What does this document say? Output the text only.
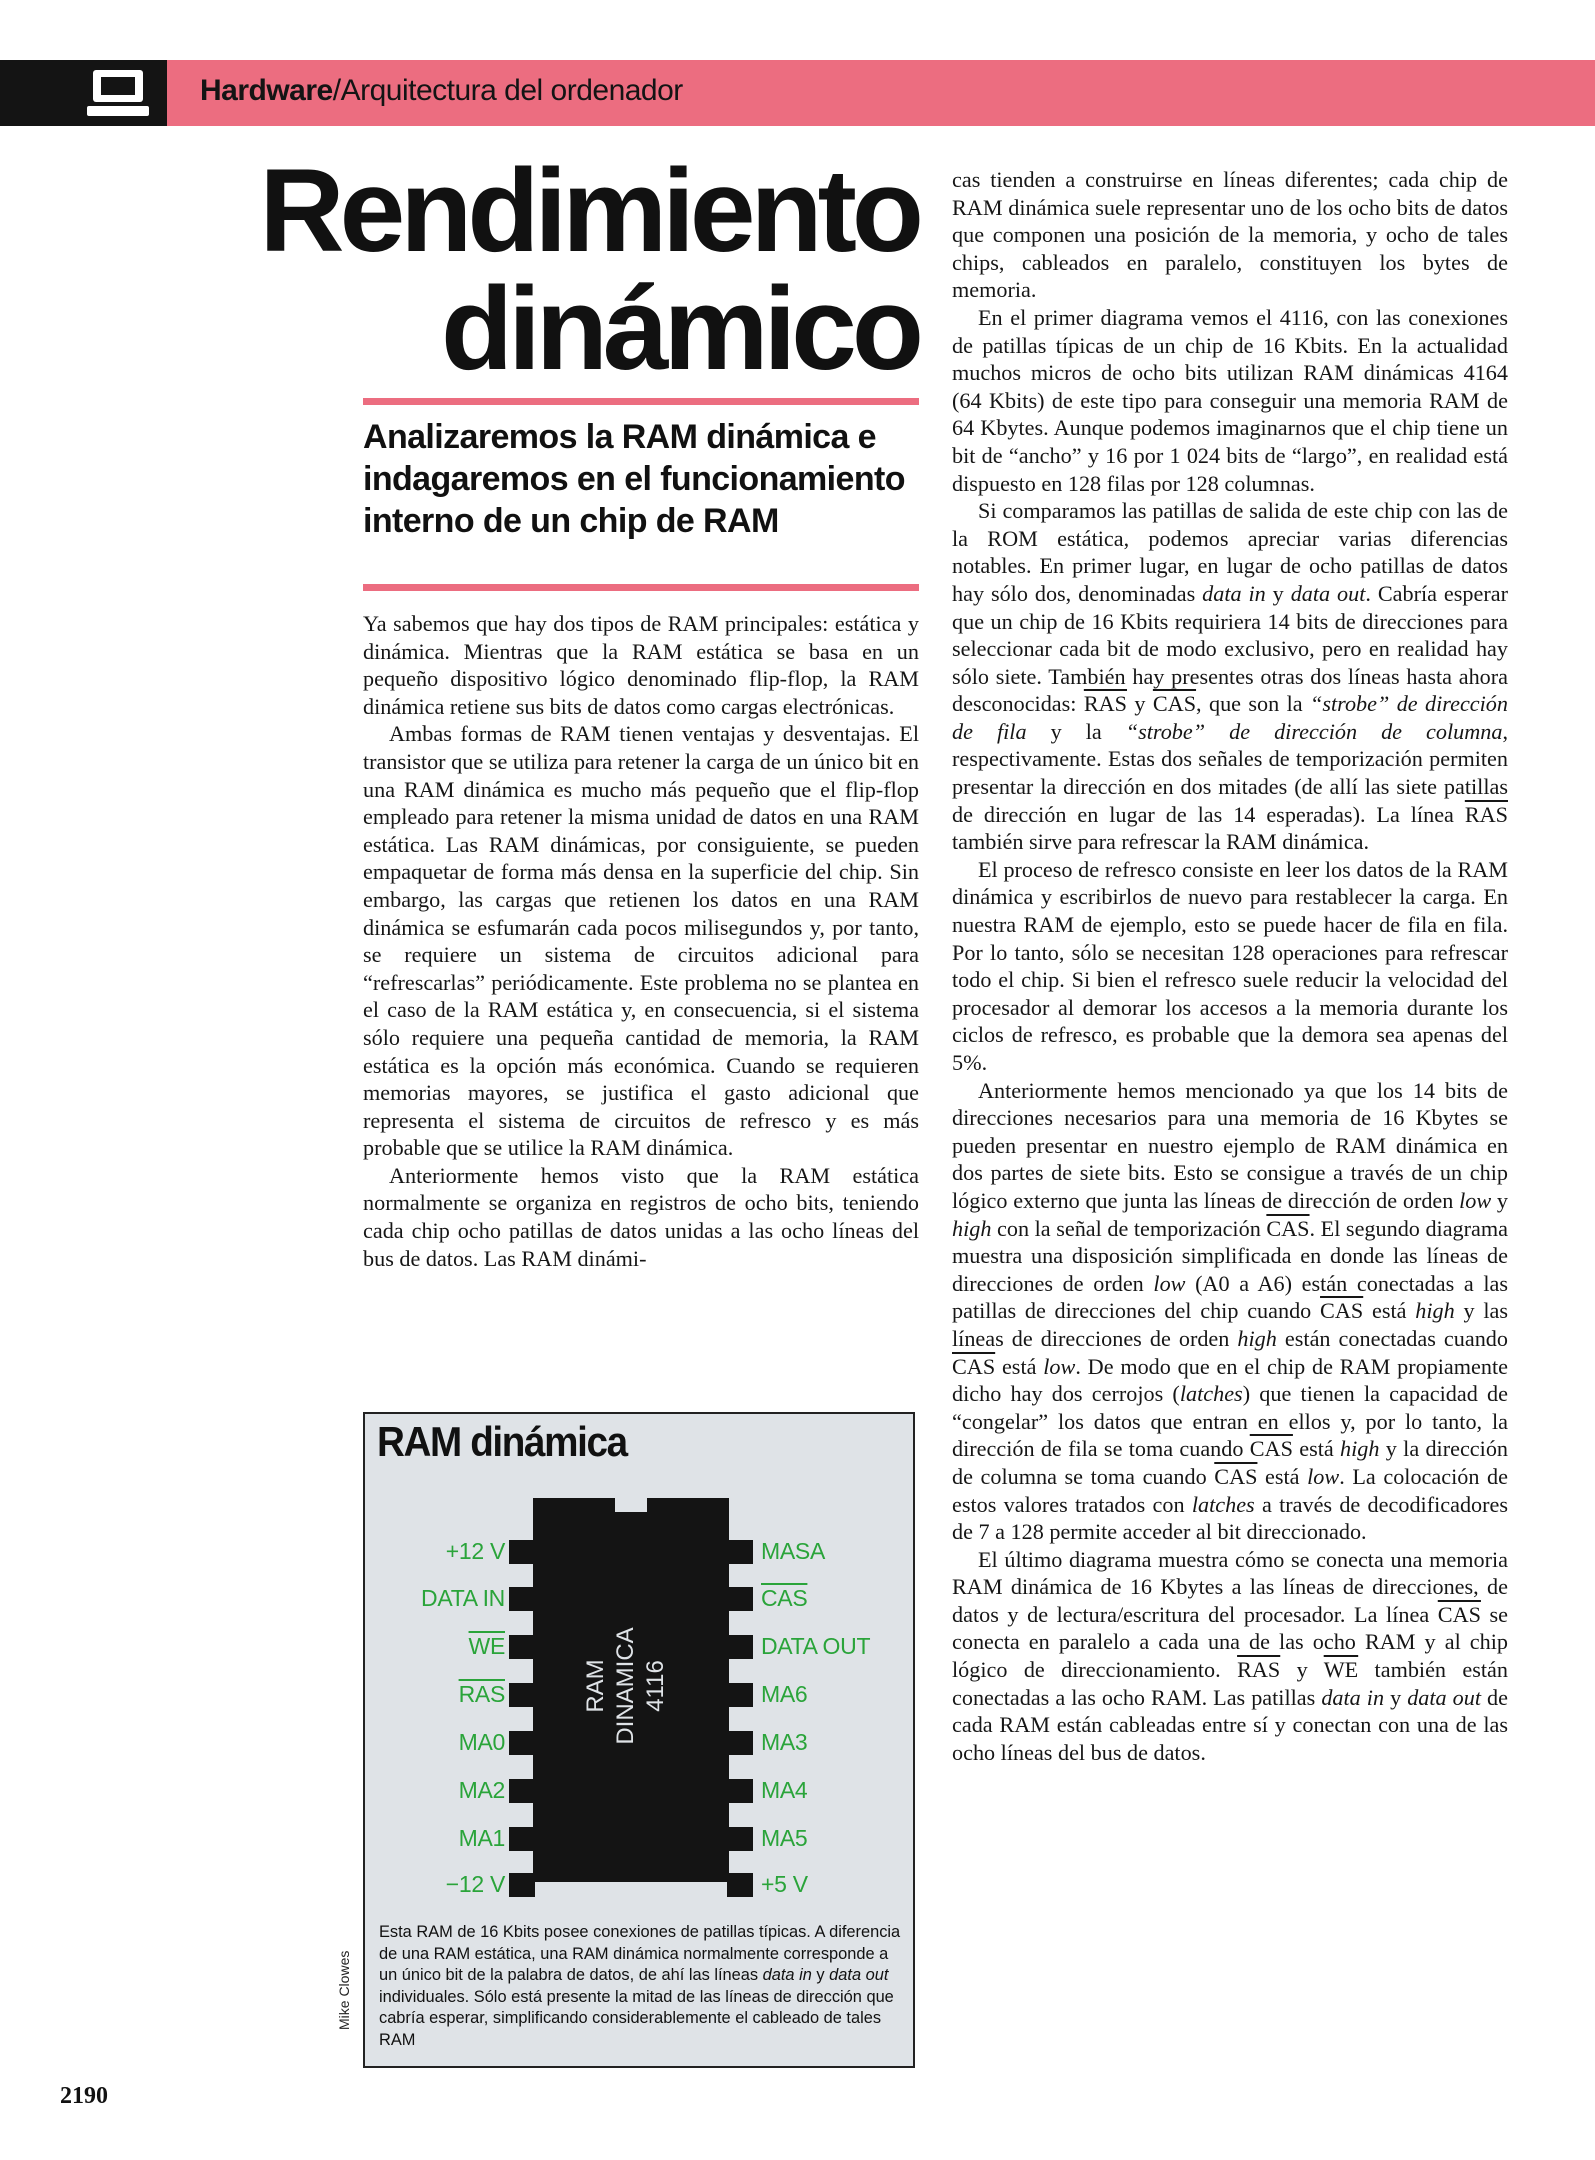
Hardware/Arquitectura del ordenador
Rendimiento
dinámico
Analizaremos la RAM dinámica e indagaremos en el funcionamiento interno de un chip de RAM

Ya sabemos que hay dos tipos de RAM principales: estática y dinámica. Mientras que la RAM estática se basa en un pequeño dispositivo lógico denominado flip-flop, la RAM dinámica retiene sus bits de datos como cargas electrónicas.

Ambas formas de RAM tienen ventajas y desventajas. El transistor que se utiliza para retener la carga de un único bit en una RAM dinámica es mucho más pequeño que el flip-flop empleado para retener la misma unidad de datos en una RAM estática. Las RAM dinámicas, por consiguiente, se pueden empaquetar de forma más densa en la superficie del chip. Sin embargo, las cargas que retienen los datos en una RAM dinámica se esfumarán cada pocos milisegundos y, por tanto, se requiere un sistema de circuitos adicional para “refrescarlas” periódicamente. Este problema no se plantea en el caso de la RAM estática y, en consecuencia, si el sistema sólo requiere una pequeña cantidad de memoria, la RAM estática es la opción más económica. Cuando se requieren memorias mayores, se justifica el gasto adicional que representa el sistema de circuitos de refresco y es más probable que se utilice la RAM dinámica.

Anteriormente hemos visto que la RAM estática normalmente se organiza en registros de ocho bits, teniendo cada chip ocho patillas de datos unidas a las ocho líneas del bus de datos. Las RAM dinámi-

RAM dinámica
RAM DINAMICA 4116
+12 V
DATA IN
$\overline{WE}$
$\overline{RAS}$
MA0
MA2
MA1
−12 V
MASA
$\overline{CAS}$
DATA OUT
MA6
MA3
MA4
MA5
+5 V
Esta RAM de 16 Kbits posee conexiones de patillas típicas. A diferencia de una RAM estática, una RAM dinámica normalmente corresponde a un único bit de la palabra de datos, de ahí las líneas data in y data out individuales. Sólo está presente la mitad de las líneas de dirección que cabría esperar, simplificando considerablemente el cableado de tales RAM
Mike Clowes
2190

cas tienden a construirse en líneas diferentes; cada chip de RAM dinámica suele representar uno de los ocho bits de datos que componen una posición de la memoria, y ocho de tales chips, cableados en paralelo, constituyen los bytes de memoria.

En el primer diagrama vemos el 4116, con las conexiones de patillas típicas de un chip de 16 Kbits. En la actualidad muchos micros de ocho bits utilizan RAM dinámicas 4164 (64 Kbits) de este tipo para conseguir una memoria RAM de 64 Kbytes. Aunque podemos imaginarnos que el chip tiene un bit de “ancho” y 16 por 1 024 bits de “largo”, en realidad está dispuesto en 128 filas por 128 columnas.

Si comparamos las patillas de salida de este chip con las de la ROM estática, podemos apreciar varias diferencias notables. En primer lugar, en lugar de ocho patillas de datos hay sólo dos, denominadas data in y data out. Cabría esperar que un chip de 16 Kbits requiriera 14 bits de direcciones para seleccionar cada bit de modo exclusivo, pero en realidad hay sólo siete. También hay presentes otras dos líneas hasta ahora desconocidas: $\overline{RAS}$ y $\overline{CAS}$, que son la “strobe” de dirección de fila y la “strobe” de dirección de columna, respectivamente. Estas dos señales de temporización permiten presentar la dirección en dos mitades (de allí las siete patillas de dirección en lugar de las 14 esperadas). La línea $\overline{RAS}$ también sirve para refrescar la RAM dinámica.

El proceso de refresco consiste en leer los datos de la RAM dinámica y escribirlos de nuevo para restablecer la carga. En nuestra RAM de ejemplo, esto se puede hacer de fila en fila. Por lo tanto, sólo se necesitan 128 operaciones para refrescar todo el chip. Si bien el refresco suele reducir la velocidad del procesador al demorar los accesos a la memoria durante los ciclos de refresco, es probable que la demora sea apenas del 5%.

Anteriormente hemos mencionado ya que los 14 bits de direcciones necesarios para una memoria de 16 Kbytes se pueden presentar en nuestro ejemplo de RAM dinámica en dos partes de siete bits. Esto se consigue a través de un chip lógico externo que junta las líneas de dirección de orden low y high con la señal de temporización $\overline{CAS}$. El segundo diagrama muestra una disposición simplificada en donde las líneas de direcciones de orden low (A0 a A6) están conectadas a las patillas de direcciones del chip cuando $\overline{CAS}$ está high y las líneas de direcciones de orden high están conectadas cuando $\overline{CAS}$ está low. De modo que en el chip de RAM propiamente dicho hay dos cerrojos (latches) que tienen la capacidad de “congelar” los datos que entran en ellos y, por lo tanto, la dirección de fila se toma cuando $\overline{CAS}$ está high y la dirección de columna se toma cuando $\overline{CAS}$ está low. La colocación de estos valores tratados con latches a través de decodificadores de 7 a 128 permite acceder al bit direccionado.

El último diagrama muestra cómo se conecta una memoria RAM dinámica de 16 Kbytes a las líneas de direcciones, de datos y de lectura/escritura del procesador. La línea $\overline{CAS}$ se conecta en paralelo a cada una de las ocho RAM y al chip lógico de direccionamiento. $\overline{RAS}$ y $\overline{WE}$ también están conectadas a las ocho RAM. Las patillas data in y data out de cada RAM están cableadas entre sí y conectan con una de las ocho líneas del bus de datos.
